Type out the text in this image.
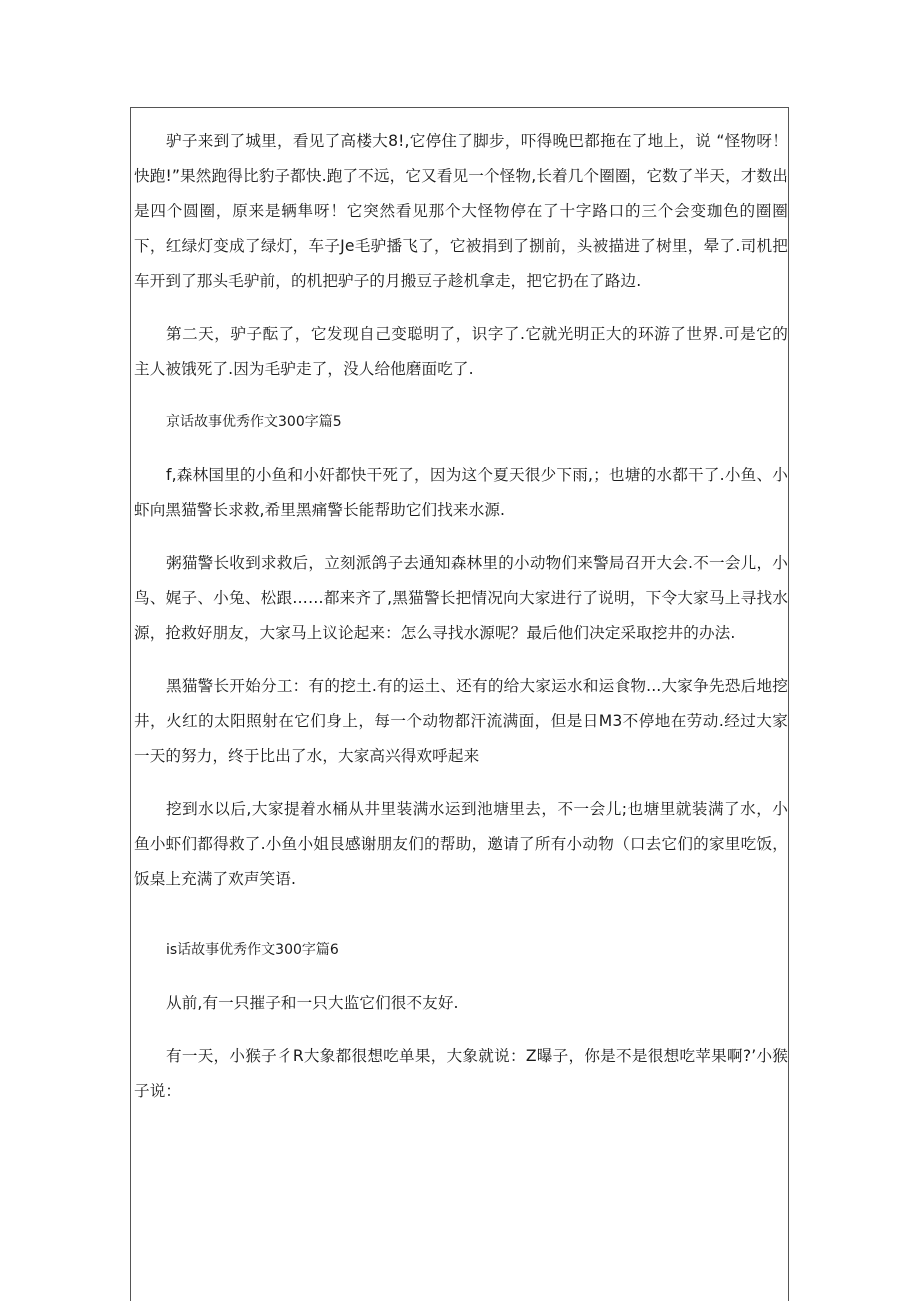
驴子来到了城里，看见了高楼大8!,它停住了脚步，吓得晚巴都拖在了地上，说 “怪物呀！快跑!”果然跑得比豹子都快.跑了不远，它又看见一个怪物,长着几个圈圈，它数了半天，才数出是四个圆圈，原来是辆隼呀！它突然看见那个大怪物停在了十字路口的三个会变珈色的圈圈下，红绿灯变成了绿灯，车子Je毛驴播飞了，它被捐到了捌前，头被描进了树里，晕了.司机把车开到了那头毛驴前，的机把驴子的月搬豆子趁机拿走，把它扔在了路边.

第二天，驴子酝了，它发现自己变聪明了，识字了.它就光明正大的环游了世界.可是它的主人被饿死了.因为毛驴走了，没人给他磨面吃了.

京话故事优秀作文300字篇5

f,森林国里的小鱼和小奸都快干死了，因为这个夏天很少下雨,；也塘的水都干了.小鱼、小虾向黑猫警长求救,希里黑痛警长能帮助它们找来水源.

粥猫警长收到求救后，立刻派鸽子去通知森林里的小动物们来警局召开大会.不一会儿，小鸟、娓子、小兔、松跟……都来齐了,黑猫警长把情况向大家进行了说明，下令大家马上寻找水源，抢救好朋友，大家马上议论起来：怎么寻找水源呢？最后他们决定采取挖井的办法.

黑猫警长开始分工：有的挖土.有的运土、还有的给大家运水和运食物...大家争先恐后地挖井，火红的太阳照射在它们身上，每一个动物都汗流满面，但是日M3不停地在劳动.经过大家一天的努力，终于比出了水，大家高兴得欢呼起来

挖到水以后,大家提着水桶从井里装满水运到池塘里去，不一会儿;也塘里就装满了水，小鱼小虾们都得救了.小鱼小姐艮感谢朋友们的帮助，邀请了所有小动物（口去它们的家里吃饭，饭桌上充满了欢声笑语.

is话故事优秀作文300字篇6

从前,有一只摧子和一只大监它们很不友好.

有一天，小猴子彳R大象都很想吃单果，大象就说：Z曝子，你是不是很想吃苹果啊?’小猴子说：
